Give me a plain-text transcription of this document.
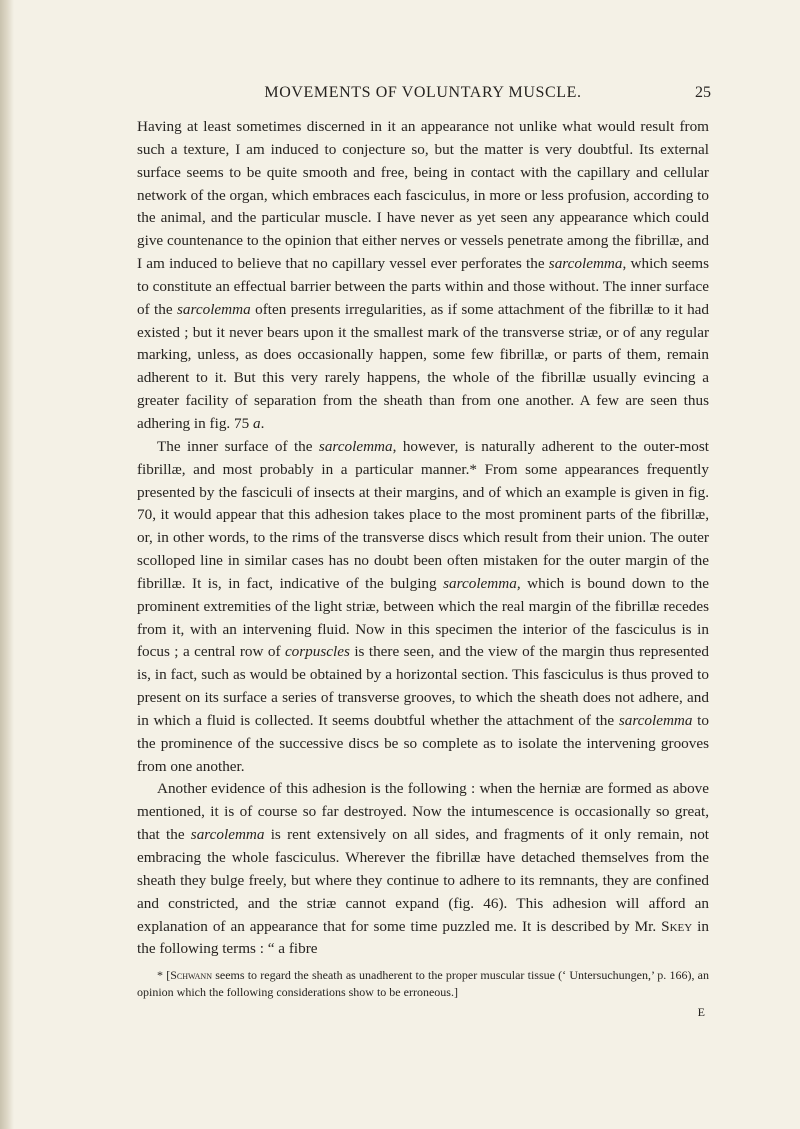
MOVEMENTS OF VOLUNTARY MUSCLE.	25

Having at least sometimes discerned in it an appearance not unlike what would result from such a texture, I am induced to conjecture so, but the matter is very doubtful. Its external surface seems to be quite smooth and free, being in contact with the capillary and cellular network of the organ, which embraces each fasciculus, in more or less profusion, according to the animal, and the particular muscle. I have never as yet seen any appearance which could give countenance to the opinion that either nerves or vessels penetrate among the fibrillæ, and I am induced to believe that no capillary vessel ever perforates the sarcolemma, which seems to constitute an effectual barrier between the parts within and those without. The inner surface of the sarcolemma often presents irregularities, as if some attachment of the fibrillæ to it had existed ; but it never bears upon it the smallest mark of the transverse striæ, or of any regular marking, unless, as does occasionally happen, some few fibrillæ, or parts of them, remain adherent to it. But this very rarely happens, the whole of the fibrillæ usually evincing a greater facility of separation from the sheath than from one another. A few are seen thus adhering in fig. 75 a.

The inner surface of the sarcolemma, however, is naturally adherent to the outer-most fibrillæ, and most probably in a particular manner.* From some appearances frequently presented by the fasciculi of insects at their margins, and of which an example is given in fig. 70, it would appear that this adhesion takes place to the most prominent parts of the fibrillæ, or, in other words, to the rims of the transverse discs which result from their union. The outer scolloped line in similar cases has no doubt been often mistaken for the outer margin of the fibrillæ. It is, in fact, indicative of the bulging sarcolemma, which is bound down to the prominent extremities of the light striæ, between which the real margin of the fibrillæ recedes from it, with an intervening fluid. Now in this specimen the interior of the fasciculus is in focus ; a central row of corpuscles is there seen, and the view of the margin thus represented is, in fact, such as would be obtained by a horizontal section. This fasciculus is thus proved to present on its surface a series of transverse grooves, to which the sheath does not adhere, and in which a fluid is collected. It seems doubtful whether the attachment of the sarcolemma to the prominence of the successive discs be so complete as to isolate the intervening grooves from one another.

Another evidence of this adhesion is the following : when the herniæ are formed as above mentioned, it is of course so far destroyed. Now the intumescence is occasionally so great, that the sarcolemma is rent extensively on all sides, and fragments of it only remain, not embracing the whole fasciculus. Wherever the fibrillæ have detached themselves from the sheath they bulge freely, but where they continue to adhere to its remnants, they are confined and constricted, and the striæ cannot expand (fig. 46). This adhesion will afford an explanation of an appearance that for some time puzzled me. It is described by Mr. Skey in the following terms : “ a fibre

* [Schwann seems to regard the sheath as unadherent to the proper muscular tissue (‘ Untersuchungen,’ p. 166), an opinion which the following considerations show to be erroneous.]

E
